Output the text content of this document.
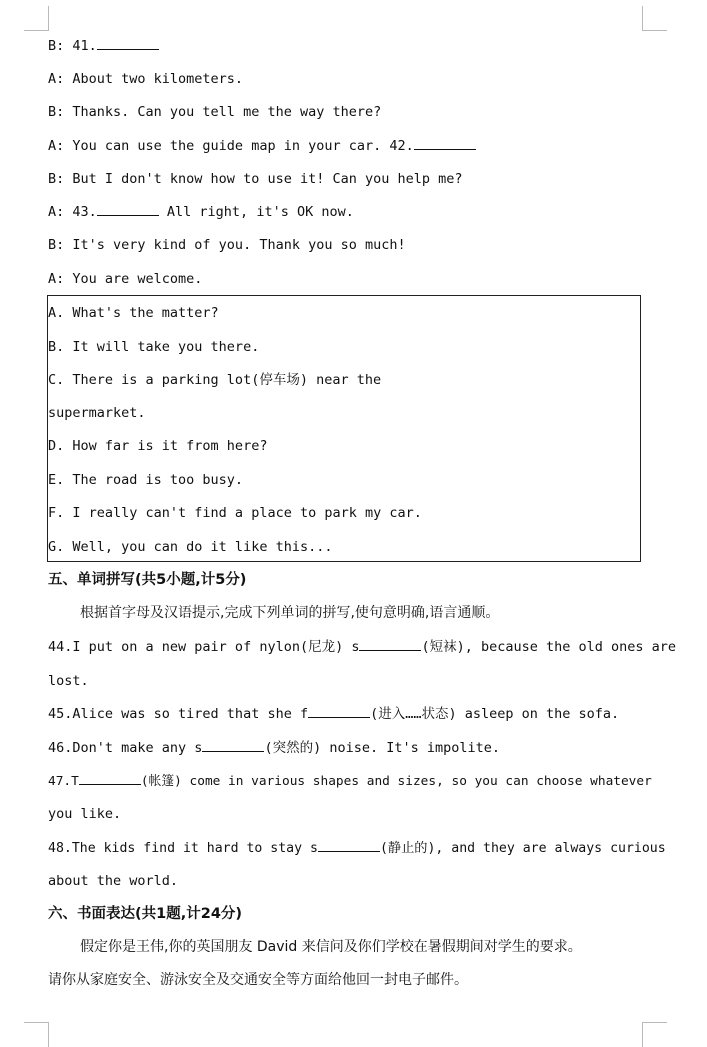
B: 41.
A: About two kilometers.
B: Thanks. Can you tell me the way there?
A: You can use the guide map in your car. 42.
B: But I don't know how to use it! Can you help me?
A: 43.	All right, it's OK now.
B: It's very kind of you. Thank you so much!
A: You are welcome.
A. What's the matter?
B. It will take you there.
C. There is a parking lot(停车场) near the
supermarket.
D. How far is it from here?
E. The road is too busy.
F. I really can't find a place to park my car.
G. Well, you can do it like this...
五、单词拼写(共5小题,计5分)
根据首字母及汉语提示,完成下列单词的拼写,使句意明确,语言通顺。
44.I put on a new pair of nylon(尼龙) s	(短袜), because the old ones are
lost.
45.Alice was so tired that she f	(进入……状态) asleep on the sofa.
46.Don't make any s	(突然的) noise. It's impolite.
47.T	(帐篷) come in various shapes and sizes, so you can choose whatever
you like.
48.The kids find it hard to stay s	(静止的), and they are always curious
about the world.
六、书面表达(共1题,计24分)
假定你是王伟,你的英国朋友 David 来信问及你们学校在暑假期间对学生的要求。
请你从家庭安全、游泳安全及交通安全等方面给他回一封电子邮件。
